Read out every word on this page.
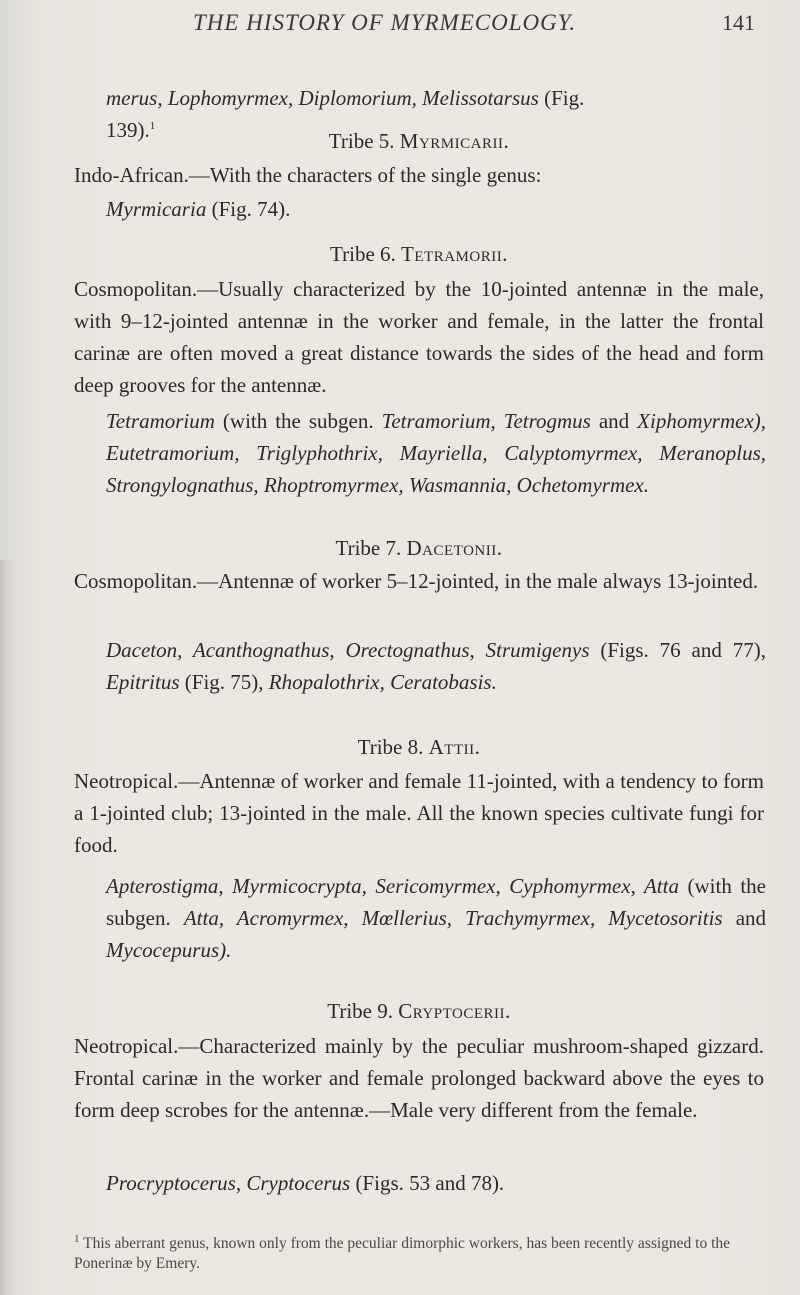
THE HISTORY OF MYRMECOLOGY.	141
merus, Lophomyrmex, Diplomorium, Melissotarsus (Fig.
139).$^1$
Tribe 5. Myrmicarii.
Indo-African.—With the characters of the single genus:
Myrmicaria (Fig. 74).
Tribe 6. Tetramorii.
Cosmopolitan.—Usually characterized by the 10-jointed antennæ in the male, with 9–12-jointed antennæ in the worker and female, in the latter the frontal carinæ are often moved a great distance towards the sides of the head and form deep grooves for the antennæ.
Tetramorium (with the subgen. Tetramorium, Tetrogmus and Xiphomyrmex), Eutetramorium, Triglyphothrix, Mayriella, Calyptomyrmex, Meranoplus, Strongylognathus, Rhoptromyrmex, Wasmannia, Ochetomyrmex.
Tribe 7. Dacetonii.
Cosmopolitan.—Antennæ of worker 5–12-jointed, in the male always 13-jointed.
Daceton, Acanthognathus, Orectognathus, Strumigenys (Figs. 76 and 77), Epitritus (Fig. 75), Rhopalothrix, Ceratobasis.
Tribe 8. Attii.
Neotropical.—Antennæ of worker and female 11-jointed, with a tendency to form a 1-jointed club; 13-jointed in the male. All the known species cultivate fungi for food.
Apterostigma, Myrmicocrypta, Sericomyrmex, Cyphomyrmex, Atta (with the subgen. Atta, Acromyrmex, Mœllerius, Trachymyrmex, Mycetosoritis and Mycocepurus).
Tribe 9. Cryptocerii.
Neotropical.—Characterized mainly by the peculiar mushroom-shaped gizzard. Frontal carinæ in the worker and female prolonged backward above the eyes to form deep scrobes for the antennæ.—Male very different from the female.
Procryptocerus, Cryptocerus (Figs. 53 and 78).
$^1$ This aberrant genus, known only from the peculiar dimorphic workers, has been recently assigned to the Ponerinæ by Emery.
